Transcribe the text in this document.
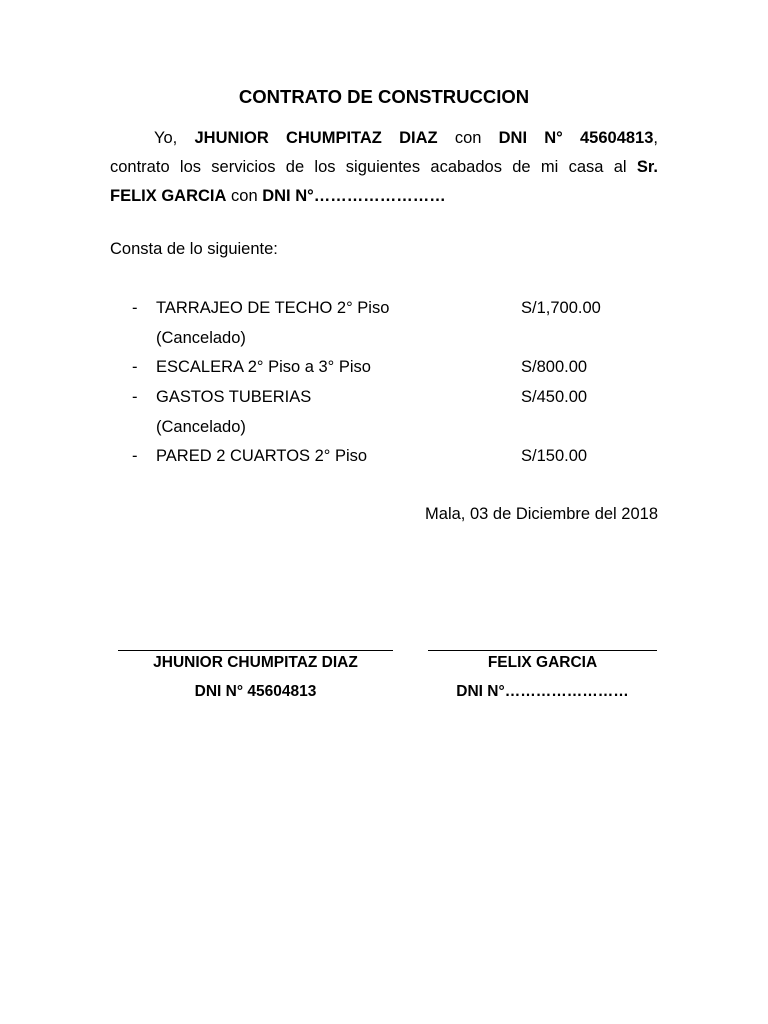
CONTRATO DE CONSTRUCCION
Yo, JHUNIOR CHUMPITAZ DIAZ con DNI N° 45604813,
contrato los servicios de los siguientes acabados de mi casa al Sr.
FELIX GARCIA con DNI N°……………………
Consta de lo siguiente:
- TARRAJEO DE TECHO 2° Piso	S/1,700.00
(Cancelado)
- ESCALERA 2° Piso a 3° Piso	S/800.00
- GASTOS TUBERIAS	S/450.00
(Cancelado)
- PARED 2 CUARTOS 2° Piso	S/150.00
Mala, 03 de Diciembre del 2018
JHUNIOR CHUMPITAZ DIAZ
DNI N° 45604813
FELIX GARCIA
DNI N°……………………
